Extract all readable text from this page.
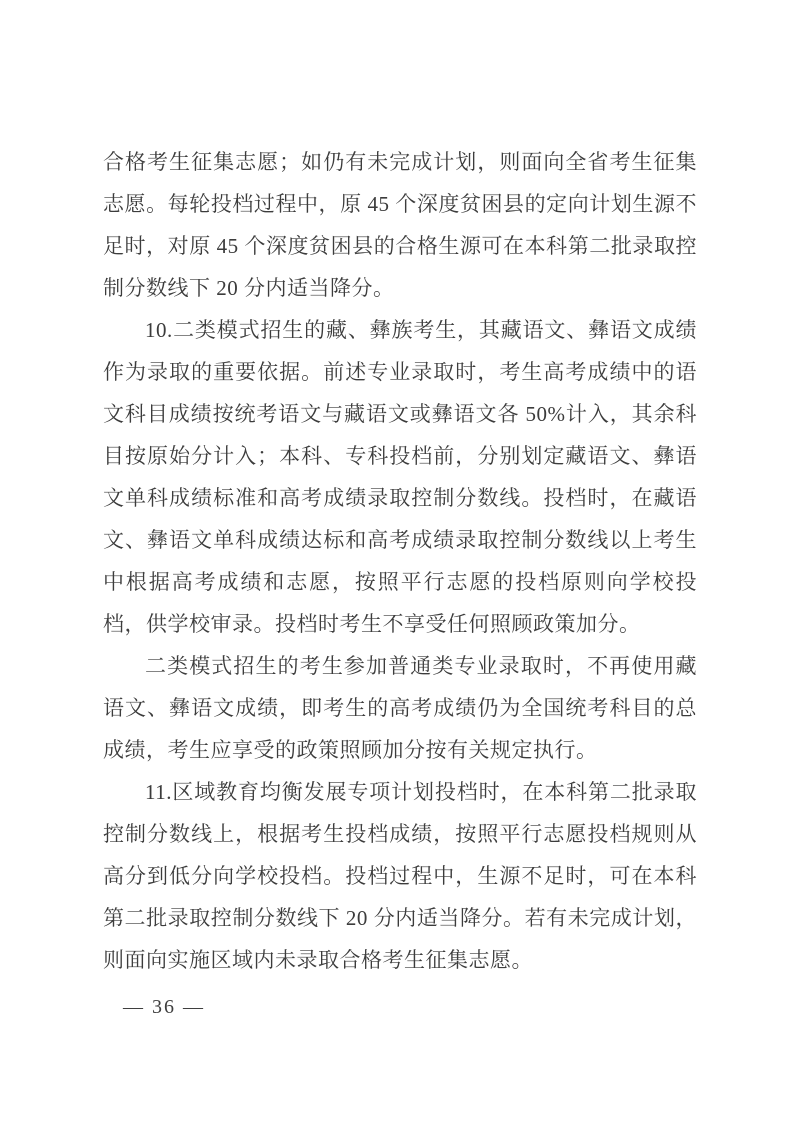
合格考生征集志愿；如仍有未完成计划，则面向全省考生征集志愿。每轮投档过程中，原 45 个深度贫困县的定向计划生源不足时，对原 45 个深度贫困县的合格生源可在本科第二批录取控制分数线下 20 分内适当降分。

10.二类模式招生的藏、彝族考生，其藏语文、彝语文成绩作为录取的重要依据。前述专业录取时，考生高考成绩中的语文科目成绩按统考语文与藏语文或彝语文各 50%计入，其余科目按原始分计入；本科、专科投档前，分别划定藏语文、彝语文单科成绩标准和高考成绩录取控制分数线。投档时，在藏语文、彝语文单科成绩达标和高考成绩录取控制分数线以上考生中根据高考成绩和志愿，按照平行志愿的投档原则向学校投档，供学校审录。投档时考生不享受任何照顾政策加分。

二类模式招生的考生参加普通类专业录取时，不再使用藏语文、彝语文成绩，即考生的高考成绩仍为全国统考科目的总成绩，考生应享受的政策照顾加分按有关规定执行。

11.区域教育均衡发展专项计划投档时，在本科第二批录取控制分数线上，根据考生投档成绩，按照平行志愿投档规则从高分到低分向学校投档。投档过程中，生源不足时，可在本科第二批录取控制分数线下 20 分内适当降分。若有未完成计划，则面向实施区域内未录取合格考生征集志愿。

— 36 —
